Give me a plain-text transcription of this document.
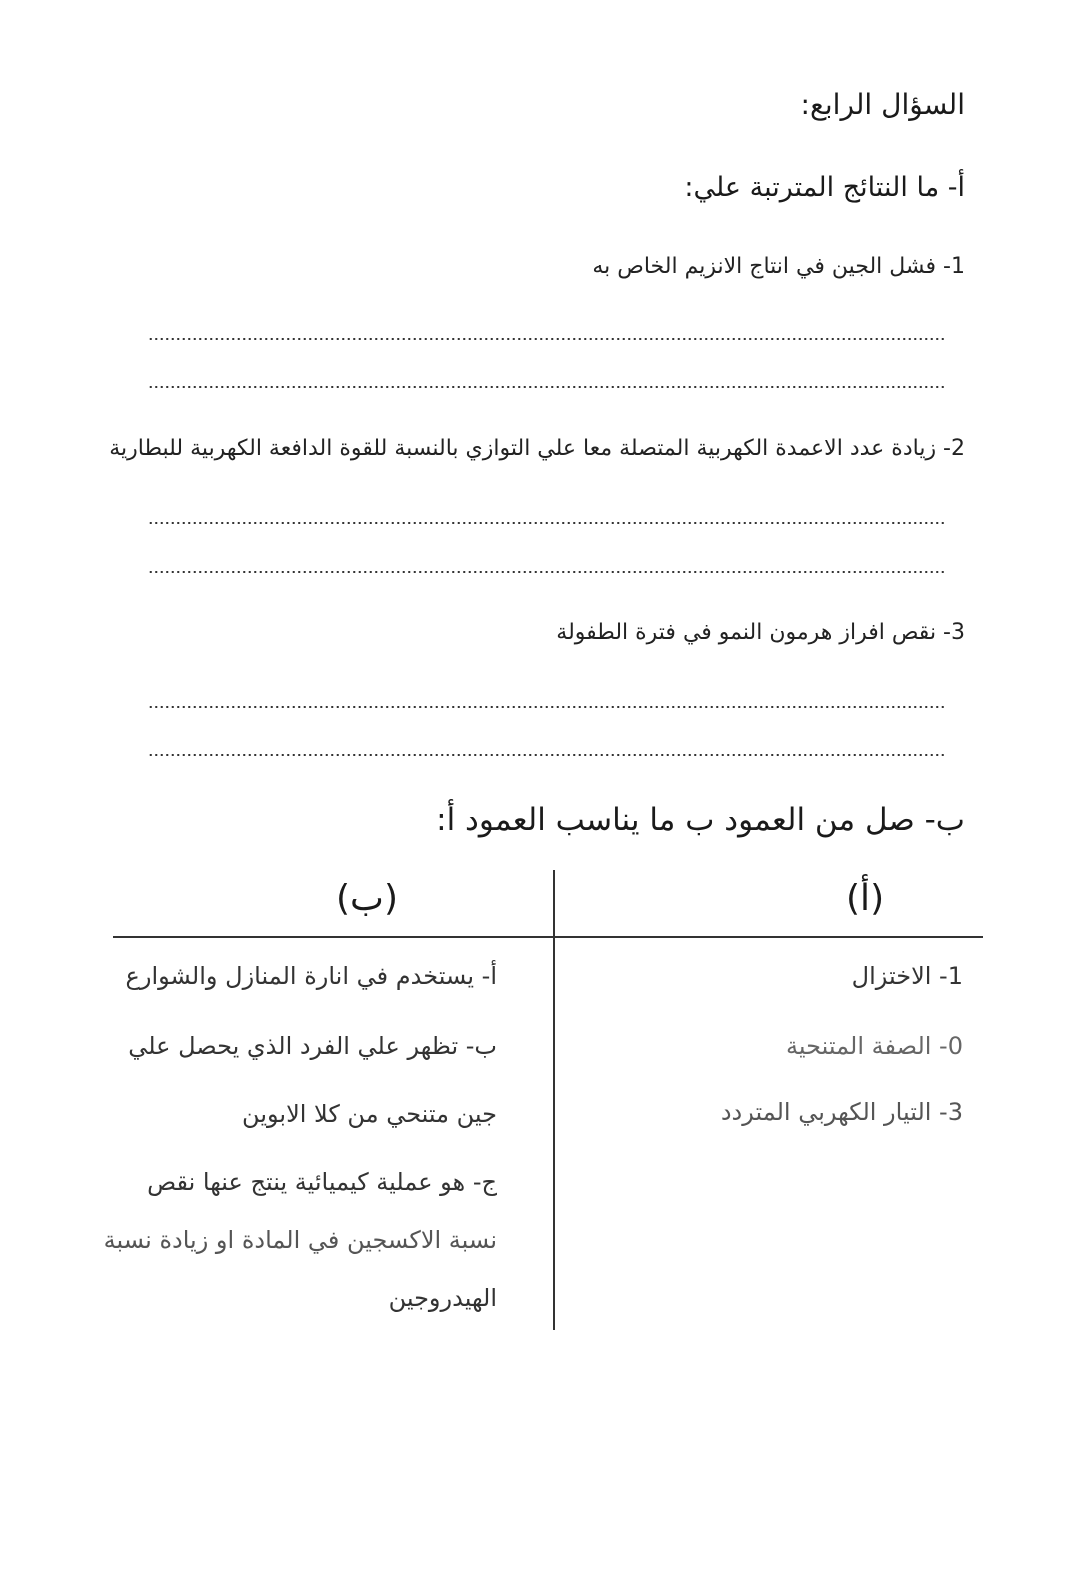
السؤال الرابع:
أ- ما النتائج المترتبة علي:
1- فشل الجين في انتاج الانزيم الخاص به
2- زيادة عدد الاعمدة الكهربية المتصلة معا علي التوازي بالنسبة للقوة الدافعة الكهربية للبطارية
3- نقص افراز هرمون النمو في فترة الطفولة
ب- صل من العمود ب ما يناسب العمود أ:
(ب)	(أ)
1- الاختزال
0- الصفة المتنحية
3- التيار الكهربي المتردد
أ- يستخدم في انارة المنازل والشوارع
ب- تظهر علي الفرد الذي يحصل علي
جين متنحي من كلا الابوين
ج- هو عملية كيميائية ينتج عنها نقص
نسبة الاكسجين في المادة او زيادة نسبة
الهيدروجين
